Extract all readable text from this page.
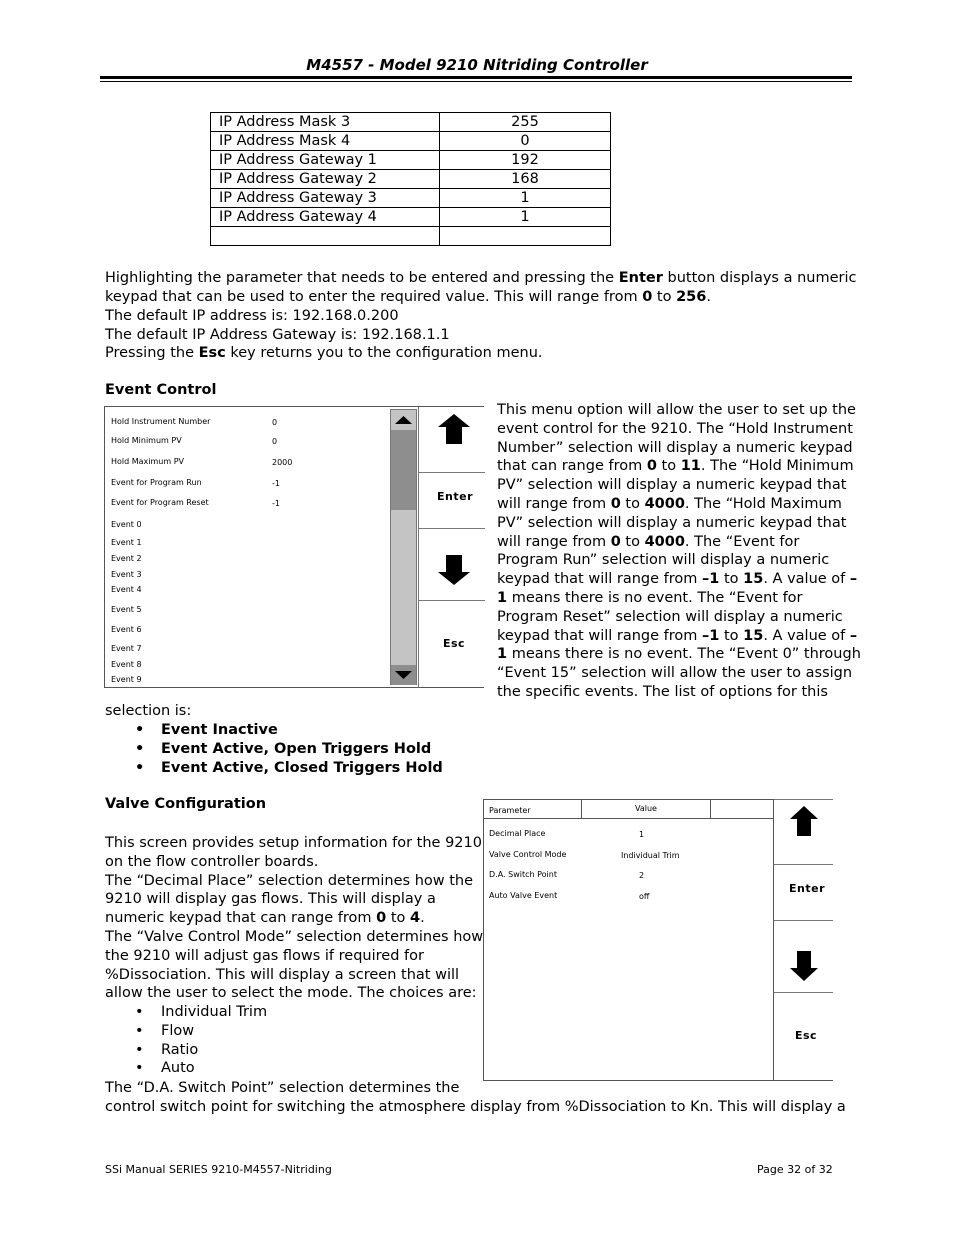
M4557 - Model 9210 Nitriding Controller
IP Address Mask 3	255
IP Address Mask 4	0
IP Address Gateway 1	192
IP Address Gateway 2	168
IP Address Gateway 3	1
IP Address Gateway 4	1

Highlighting the parameter that needs to be entered and pressing the Enter button displays a numeric
keypad that can be used to enter the required value. This will range from 0 to 256.
The default IP address is: 192.168.0.200
The default IP Address Gateway is: 192.168.1.1
Pressing the Esc key returns you to the configuration menu.
Event Control
Hold Instrument Number	0
Hold Minimum PV	0
Hold Maximum PV	2000
Event for Program Run	-1
Event for Program Reset	-1
Event 0
Event 1
Event 2
Event 3
Event 4
Event 5
Event 6
Event 7
Event 8
Event 9
Enter
Esc
This menu option will allow the user to set up the
event control for the 9210. The “Hold Instrument
Number” selection will display a numeric keypad
that can range from 0 to 11. The “Hold Minimum
PV” selection will display a numeric keypad that
will range from 0 to 4000. The “Hold Maximum
PV” selection will display a numeric keypad that
will range from 0 to 4000. The “Event for
Program Run” selection will display a numeric
keypad that will range from –1 to 15. A value of –
1 means there is no event. The “Event for
Program Reset” selection will display a numeric
keypad that will range from –1 to 15. A value of –
1 means there is no event. The “Event 0” through
“Event 15” selection will allow the user to assign
the specific events. The list of options for this
selection is:
• Event Inactive
• Event Active, Open Triggers Hold
• Event Active, Closed Triggers Hold
Valve Configuration
This screen provides setup information for the 9210
on the flow controller boards.
The “Decimal Place” selection determines how the
9210 will display gas flows. This will display a
numeric keypad that can range from 0 to 4.
The “Valve Control Mode” selection determines how
the 9210 will adjust gas flows if required for
%Dissociation. This will display a screen that will
allow the user to select the mode. The choices are:
• Individual Trim
• Flow
• Ratio
• Auto
The “D.A. Switch Point” selection determines the
control switch point for switching the atmosphere display from %Dissociation to Kn. This will display a
Parameter	Value
Decimal Place	1
Valve Control Mode	Individual Trim
D.A. Switch Point	2
Auto Valve Event	off
Enter
Esc
SSi Manual SERIES 9210-M4557-Nitriding	Page 32 of 32
